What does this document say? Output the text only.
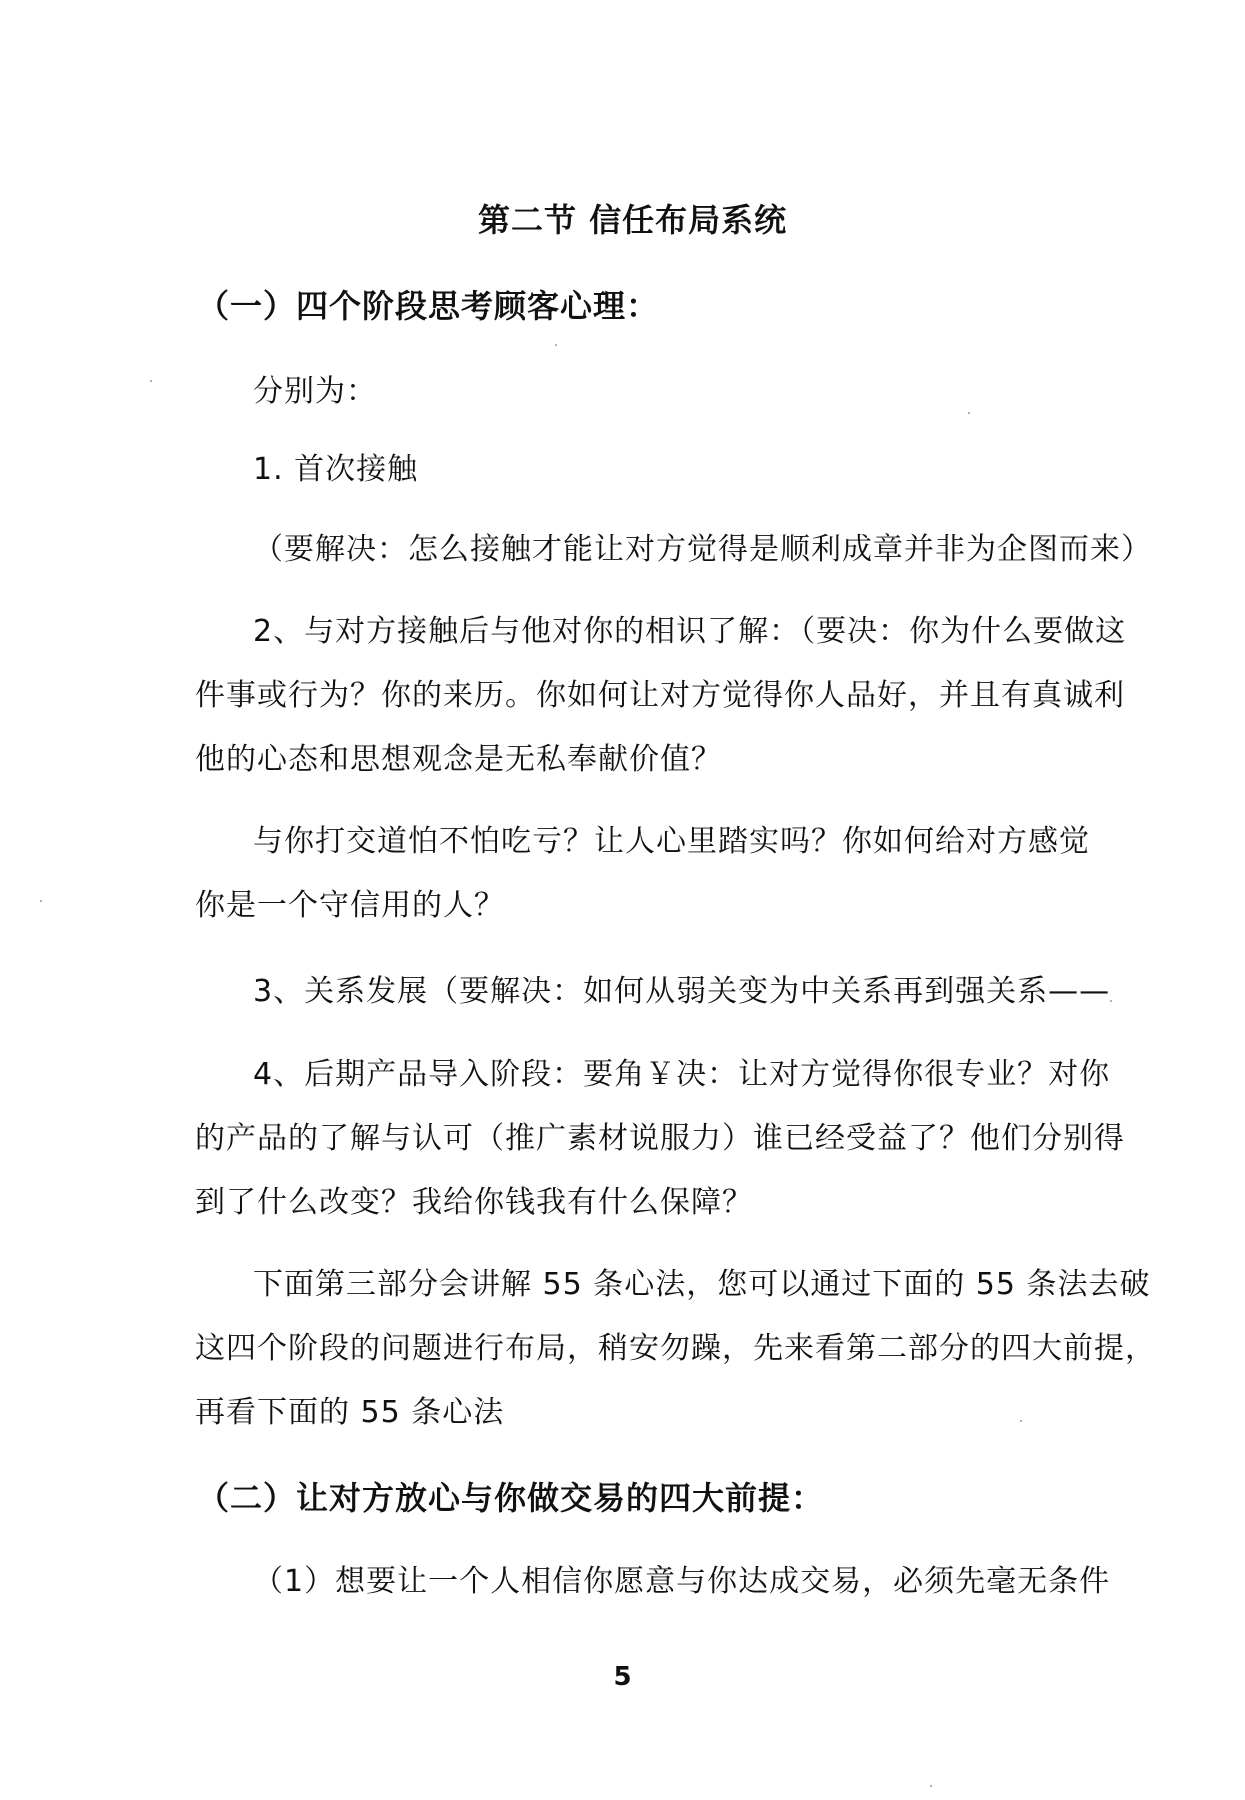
第二节 信任布局系统
（一）四个阶段思考顾客心理：
分别为：
1. 首次接触
（要解决：怎么接触才能让对方觉得是顺利成章并非为企图而来）
2、与对方接触后与他对你的相识了解：（要决：你为什么要做这
件事或行为？你的来历。你如何让对方觉得你人品好，并且有真诚利
他的心态和思想观念是无私奉献价值？
与你打交道怕不怕吃亏？让人心里踏实吗？你如何给对方感觉
你是一个守信用的人？
3、关系发展（要解决：如何从弱关变为中关系再到强关系——
4、后期产品导入阶段：要角￥决：让对方觉得你很专业？对你
的产品的了解与认可（推广素材说服力）谁已经受益了？他们分别得
到了什么改变？我给你钱我有什么保障？
下面第三部分会讲解 55 条心法，您可以通过下面的 55 条法去破
这四个阶段的问题进行布局，稍安勿躁，先来看第二部分的四大前提，
再看下面的 55 条心法
（二）让对方放心与你做交易的四大前提：
（1）想要让一个人相信你愿意与你达成交易，必须先毫无条件
5
